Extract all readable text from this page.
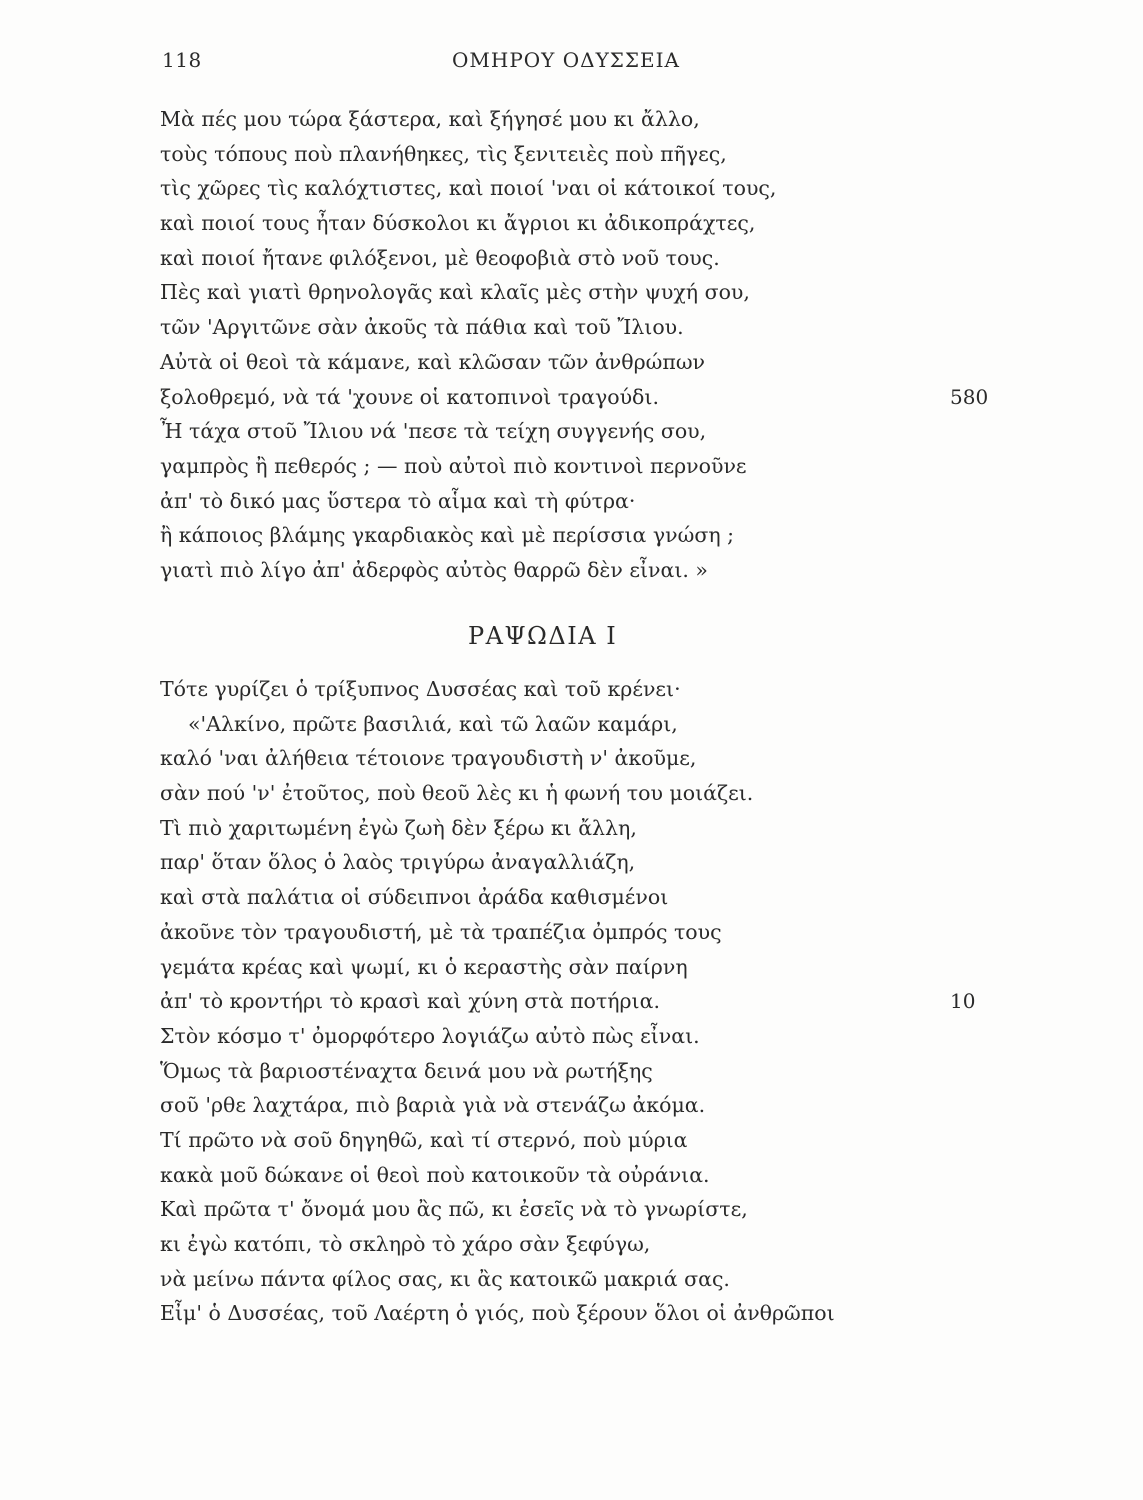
118	ΟΜΗΡΟΥ ΟΔΥΣΣΕΙΑ
Μὰ πές μου τώρα ξάστερα, καὶ ξήγησέ μου κι ἄλλο,
τοὺς τόπους ποὺ πλανήθηκες, τὶς ξενιτειὲς ποὺ πῆγες,
τὶς χῶρες τὶς καλόχτιστες, καὶ ποιοί 'ναι οἱ κάτοικοί τους,
καὶ ποιοί τους ἦταν δύσκολοι κι ἄγριοι κι ἀδικοπράχτες,
καὶ ποιοί ἤτανε φιλόξενοι, μὲ θεοφοβιὰ στὸ νοῦ τους.
Πὲς καὶ γιατὶ θρηνολογᾶς καὶ κλαῖς μὲς στὴν ψυχή σου,
τῶν 'Αργιτῶνε σὰν ἀκοῦς τὰ πάθια καὶ τοῦ Ἴλιου.
Αὐτὰ οἱ θεοὶ τὰ κάμανε, καὶ κλῶσαν τῶν ἀνθρώπων
ξολοθρεμό, νὰ τά 'χουνε οἱ κατοπινοὶ τραγούδι.	580
Ἦ τάχα στοῦ Ἴλιου νά 'πεσε τὰ τείχη συγγενής σου,
γαμπρὸς ἢ πεθερός ; — ποὺ αὐτοὶ πιὸ κοντινοὶ περνοῦνε
ἀπ' τὸ δικό μας ὕστερα τὸ αἷμα καὶ τὴ φύτρα·
ἢ κάποιος βλάμης γκαρδιακὸς καὶ μὲ περίσσια γνώση ;
γιατὶ πιὸ λίγο ἀπ' ἀδερφὸς αὐτὸς θαρρῶ δὲν εἶναι. »
ΡΑΨΩΔΙΑ Ι
Τότε γυρίζει ὁ τρίξυπνος Δυσσέας καὶ τοῦ κρένει·
«'Αλκίνο, πρῶτε βασιλιά, καὶ τῶ λαῶν καμάρι,
καλό 'ναι ἀλήθεια τέτοιονε τραγουδιστὴ ν' ἀκοῦμε,
σὰν πού 'ν' ἐτοῦτος, ποὺ θεοῦ λὲς κι ἡ φωνή του μοιάζει.
Τὶ πιὸ χαριτωμένη ἐγὼ ζωὴ δὲν ξέρω κι ἄλλη,
παρ' ὅταν ὅλος ὁ λαὸς τριγύρω ἀναγαλλιάζη,
καὶ στὰ παλάτια οἱ σύδειπνοι ἀράδα καθισμένοι
ἀκοῦνε τὸν τραγουδιστή, μὲ τὰ τραπέζια ὀμπρός τους
γεμάτα κρέας καὶ ψωμί, κι ὁ κεραστὴς σὰν παίρνη
ἀπ' τὸ κροντήρι τὸ κρασὶ καὶ χύνη στὰ ποτήρια.	10
Στὸν κόσμο τ' ὀμορφότερο λογιάζω αὐτὸ πὼς εἶναι.
Ὅμως τὰ βαριοστέναχτα δεινά μου νὰ ρωτήξης
σοῦ 'ρθε λαχτάρα, πιὸ βαριὰ γιὰ νὰ στενάζω ἀκόμα.
Τί πρῶτο νὰ σοῦ δηγηθῶ, καὶ τί στερνό, ποὺ μύρια
κακὰ μοῦ δώκανε οἱ θεοὶ ποὺ κατοικοῦν τὰ οὐράνια.
Καὶ πρῶτα τ' ὄνομά μου ἂς πῶ, κι ἐσεῖς νὰ τὸ γνωρίστε,
κι ἐγὼ κατόπι, τὸ σκληρὸ τὸ χάρο σὰν ξεφύγω,
νὰ μείνω πάντα φίλος σας, κι ἂς κατοικῶ μακριά σας.
Εἶμ' ὁ Δυσσέας, τοῦ Λαέρτη ὁ γιός, ποὺ ξέρουν ὅλοι οἱ ἀνθρῶποι
